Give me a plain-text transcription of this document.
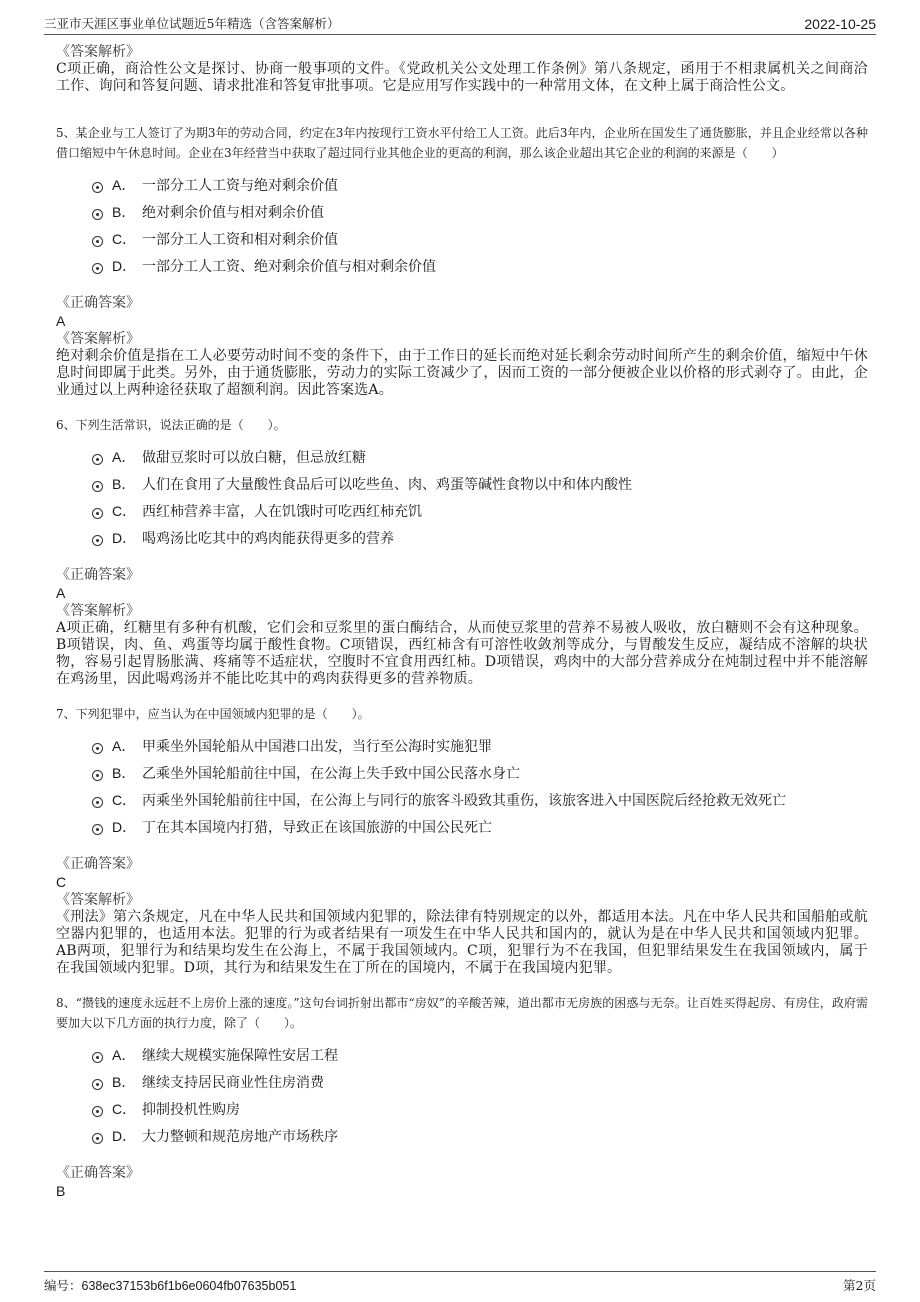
三亚市天涯区事业单位试题近5年精选（含答案解析）	2022-10-25

《答案解析》

C项正确，商洽性公文是探讨、协商一般事项的文件。《党政机关公文处理工作条例》第八条规定，函用于不相隶属机关之间商洽工作、询问和答复问题、请求批准和答复审批事项。它是应用写作实践中的一种常用文体，在文种上属于商洽性公文。

5、某企业与工人签订了为期3年的劳动合同，约定在3年内按现行工资水平付给工人工资。此后3年内，企业所在国发生了通货膨胀，并且企业经常以各种借口缩短中午休息时间。企业在3年经营当中获取了超过同行业其他企业的更高的利润，那么该企业超出其它企业的利润的来源是（　　）

A． 一部分工人工资与绝对剩余价值
B． 绝对剩余价值与相对剩余价值
C． 一部分工人工资和相对剩余价值
D． 一部分工人工资、绝对剩余价值与相对剩余价值

《正确答案》

A

《答案解析》

绝对剩余价值是指在工人必要劳动时间不变的条件下，由于工作日的延长而绝对延长剩余劳动时间所产生的剩余价值，缩短中午休息时间即属于此类。另外，由于通货膨胀，劳动力的实际工资减少了，因而工资的一部分便被企业以价格的形式剥夺了。由此，企业通过以上两种途径获取了超额利润。因此答案选A。

6、下列生活常识，说法正确的是（　　）。

A． 做甜豆浆时可以放白糖，但忌放红糖
B． 人们在食用了大量酸性食品后可以吃些鱼、肉、鸡蛋等碱性食物以中和体内酸性
C． 西红柿营养丰富，人在饥饿时可吃西红柿充饥
D． 喝鸡汤比吃其中的鸡肉能获得更多的营养

《正确答案》

A

《答案解析》

A项正确，红糖里有多种有机酸，它们会和豆浆里的蛋白酶结合，从而使豆浆里的营养不易被人吸收，放白糖则不会有这种现象。B项错误，肉、鱼、鸡蛋等均属于酸性食物。C项错误，西红柿含有可溶性收敛剂等成分，与胃酸发生反应，凝结成不溶解的块状物，容易引起胃肠胀满、疼痛等不适症状，空腹时不宜食用西红柿。D项错误，鸡肉中的大部分营养成分在炖制过程中并不能溶解在鸡汤里，因此喝鸡汤并不能比吃其中的鸡肉获得更多的营养物质。

7、下列犯罪中，应当认为在中国领域内犯罪的是（　　）。

A． 甲乘坐外国轮船从中国港口出发，当行至公海时实施犯罪
B． 乙乘坐外国轮船前往中国，在公海上失手致中国公民落水身亡
C． 丙乘坐外国轮船前往中国，在公海上与同行的旅客斗殴致其重伤，该旅客进入中国医院后经抢救无效死亡
D． 丁在其本国境内打猎，导致正在该国旅游的中国公民死亡

《正确答案》

C

《答案解析》

《刑法》第六条规定，凡在中华人民共和国领域内犯罪的，除法律有特别规定的以外，都适用本法。凡在中华人民共和国船舶或航空器内犯罪的，也适用本法。犯罪的行为或者结果有一项发生在中华人民共和国内的，就认为是在中华人民共和国领域内犯罪。AB两项，犯罪行为和结果均发生在公海上，不属于我国领域内。C项，犯罪行为不在我国，但犯罪结果发生在我国领域内，属于在我国领域内犯罪。D项，其行为和结果发生在丁所在的国境内，不属于在我国境内犯罪。

8、“攒钱的速度永远赶不上房价上涨的速度。”这句台词折射出都市“房奴”的辛酸苦辣，道出都市无房族的困惑与无奈。让百姓买得起房、有房住，政府需要加大以下几方面的执行力度，除了（　　）。

A． 继续大规模实施保障性安居工程
B． 继续支持居民商业性住房消费
C． 抑制投机性购房
D． 大力整顿和规范房地产市场秩序

《正确答案》

B

编号：638ec37153b6f1b6e0604fb07635b051	第2页
